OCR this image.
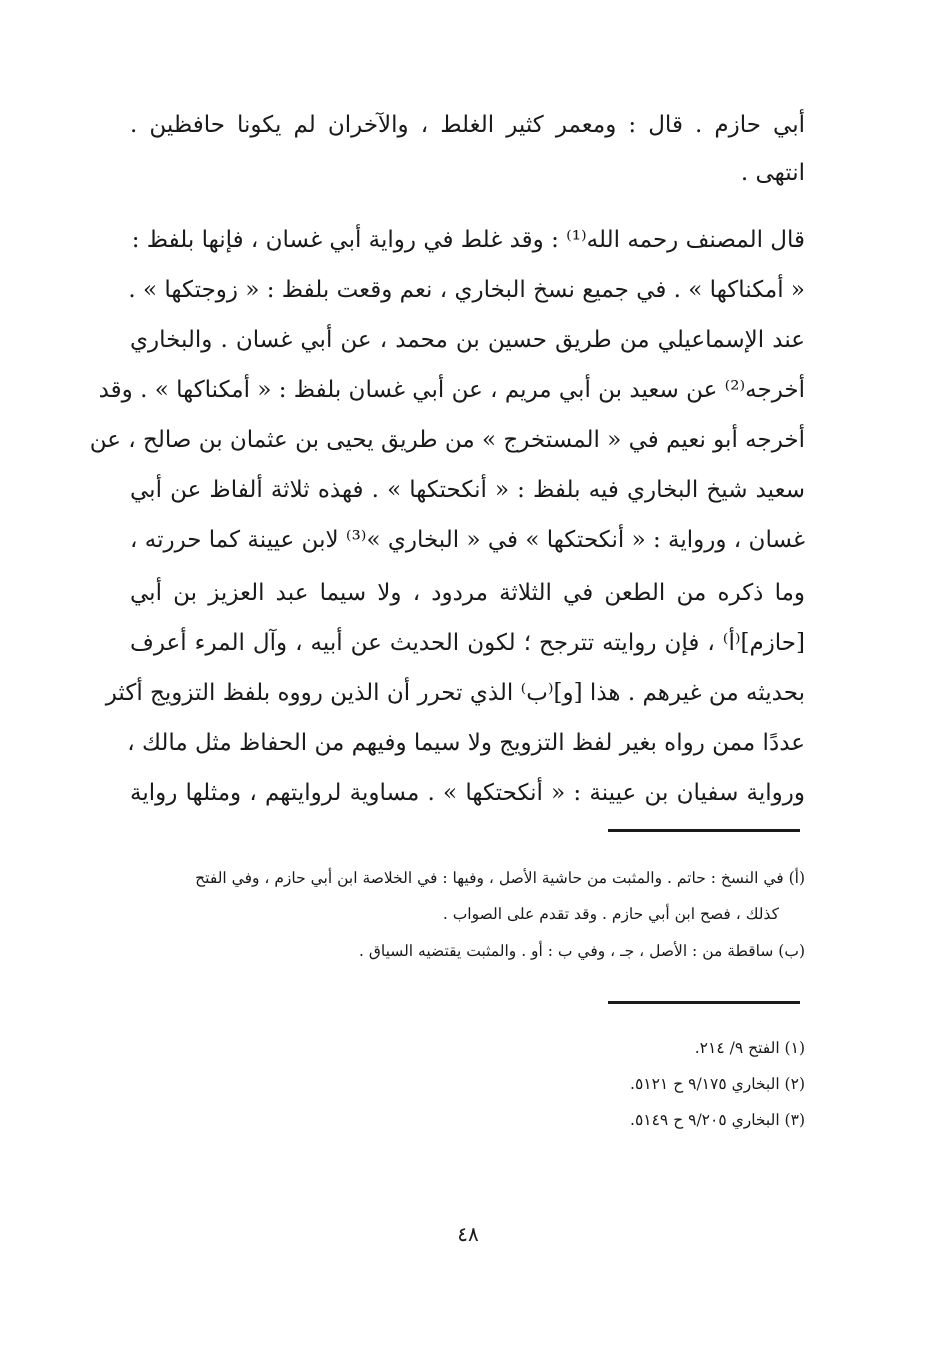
أبي حازم . قال : ومعمر كثير الغلط ، والآخران لم يكونا حافظين .
انتهى .
قال المصنف رحمه الله⁽¹⁾ : وقد غلط في رواية أبي غسان ، فإنها بلفظ :
« أمكناكها » . في جميع نسخ البخاري ، نعم وقعت بلفظ : « زوجتكها » .
عند الإسماعيلي من طريق حسين بن محمد ، عن أبي غسان . والبخاري
أخرجه⁽²⁾ عن سعيد بن أبي مريم ، عن أبي غسان بلفظ : « أمكناكها » . وقد
أخرجه أبو نعيم في « المستخرج » من طريق يحيى بن عثمان بن صالح ، عن
سعيد شيخ البخاري فيه بلفظ : « أنكحتكها » . فهذه ثلاثة ألفاظ عن أبي
غسان ، ورواية : « أنكحتكها » في « البخاري »⁽³⁾ لابن عيينة كما حررته ،
وما ذكره من الطعن في الثلاثة مردود ، ولا سيما عبد العزيز بن أبي
[حازم]⁽أ⁾ ، فإن روايته تترجح ؛ لكون الحديث عن أبيه ، وآل المرء أعرف
بحديثه من غيرهم . هذا [و]⁽ب⁾ الذي تحرر أن الذين رووه بلفظ التزويج أكثر
عددًا ممن رواه بغير لفظ التزويج ولا سيما وفيهم من الحفاظ مثل مالك ،
ورواية سفيان بن عيينة : « أنكحتكها » . مساوية لروايتهم ، ومثلها رواية
(أ) في النسخ : حاتم . والمثبت من حاشية الأصل ، وفيها : في الخلاصة ابن أبي حازم ، وفي الفتح
كذلك ، فصح ابن أبي حازم . وقد تقدم على الصواب .
(ب) ساقطة من : الأصل ، جـ ، وفي ب : أو . والمثبت يقتضيه السياق .
(١) الفتح ٩/ ٢١٤.
(٢) البخاري ٩/١٧٥ ح ٥١٢١.
(٣) البخاري ٩/٢٠٥ ح ٥١٤٩.
٤٨
